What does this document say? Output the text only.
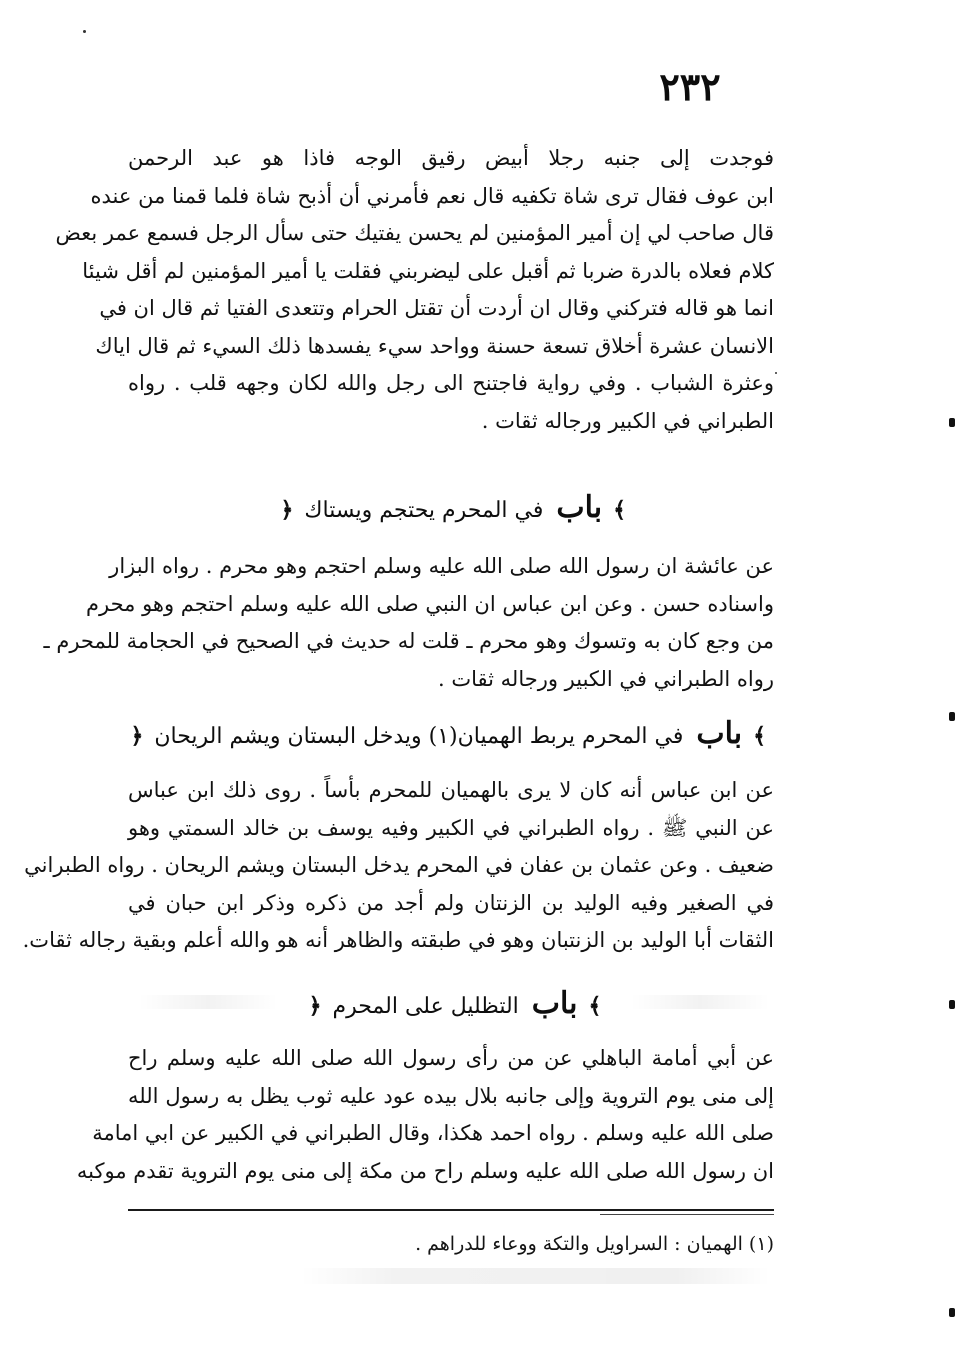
٢٣٢
فوجدت إلى جنبه رجلا أبيض رقيق الوجه فاذا هو عبد الرحمن
ابن عوف فقال ترى شاة تكفيه قال نعم فأمرني أن أذبح شاة فلما قمنا من عنده
قال صاحب لي إن أمير المؤمنين لم يحسن يفتيك حتى سأل الرجل فسمع عمر بعض
كلام فعلاه بالدرة ضربا ثم أقبل على ليضربني فقلت يا أمير المؤمنين لم أقل شيئا
انما هو قاله فتركني وقال ان أردت أن تقتل الحرام وتتعدى الفتيا ثم قال ان في
الانسان عشرة أخلاق تسعة حسنة وواحد سيء يفسدها ذلك السيء ثم قال اياك
وعثرة الشباب . وفي رواية فاجتنح الى رجل والله لكان وجهه قلب . رواه
الطبراني في الكبير ورجاله ثقات .
﴾ باب في المحرم يحتجم ويستاك ﴿
عن عائشة ان رسول الله صلى الله عليه وسلم احتجم وهو محرم . رواه البزار
واسناده حسن . وعن ابن عباس ان النبي صلى الله عليه وسلم احتجم وهو محرم
من وجع كان به وتسوك وهو محرم ـ قلت له حديث في الصحيح في الحجامة للمحرم ـ
رواه الطبراني في الكبير ورجاله ثقات .
﴾ باب في المحرم يربط الهميان(١) ويدخل البستان ويشم الريحان ﴿
عن ابن عباس أنه كان لا يرى بالهميان للمحرم بأساً . روى ذلك ابن عباس
عن النبي ﷺ . رواه الطبراني في الكبير وفيه يوسف بن خالد السمتي وهو
ضعيف . وعن عثمان بن عفان في المحرم يدخل البستان ويشم الريحان . رواه الطبراني
في الصغير وفيه الوليد بن الزنتان ولم أجد من ذكره وذكر ابن حبان في
الثقات أبا الوليد بن الزنتبان وهو في طبقته والظاهر أنه هو والله أعلم وبقية رجاله ثقات.
﴾ باب التظليل على المحرم ﴿
عن أبي أمامة الباهلي عن من رأى رسول الله صلى الله عليه وسلم راح
إلى منى يوم التروية وإلى جانبه بلال بيده عود عليه ثوب يظل به رسول الله
صلى الله عليه وسلم . رواه احمد هكذا، وقال الطبراني في الكبير عن ابي امامة
ان رسول الله صلى الله عليه وسلم راح من مكة إلى منى يوم التروية تقدم موكبه
(١) الهميان : السراويل والتكة ووعاء للدراهم .
